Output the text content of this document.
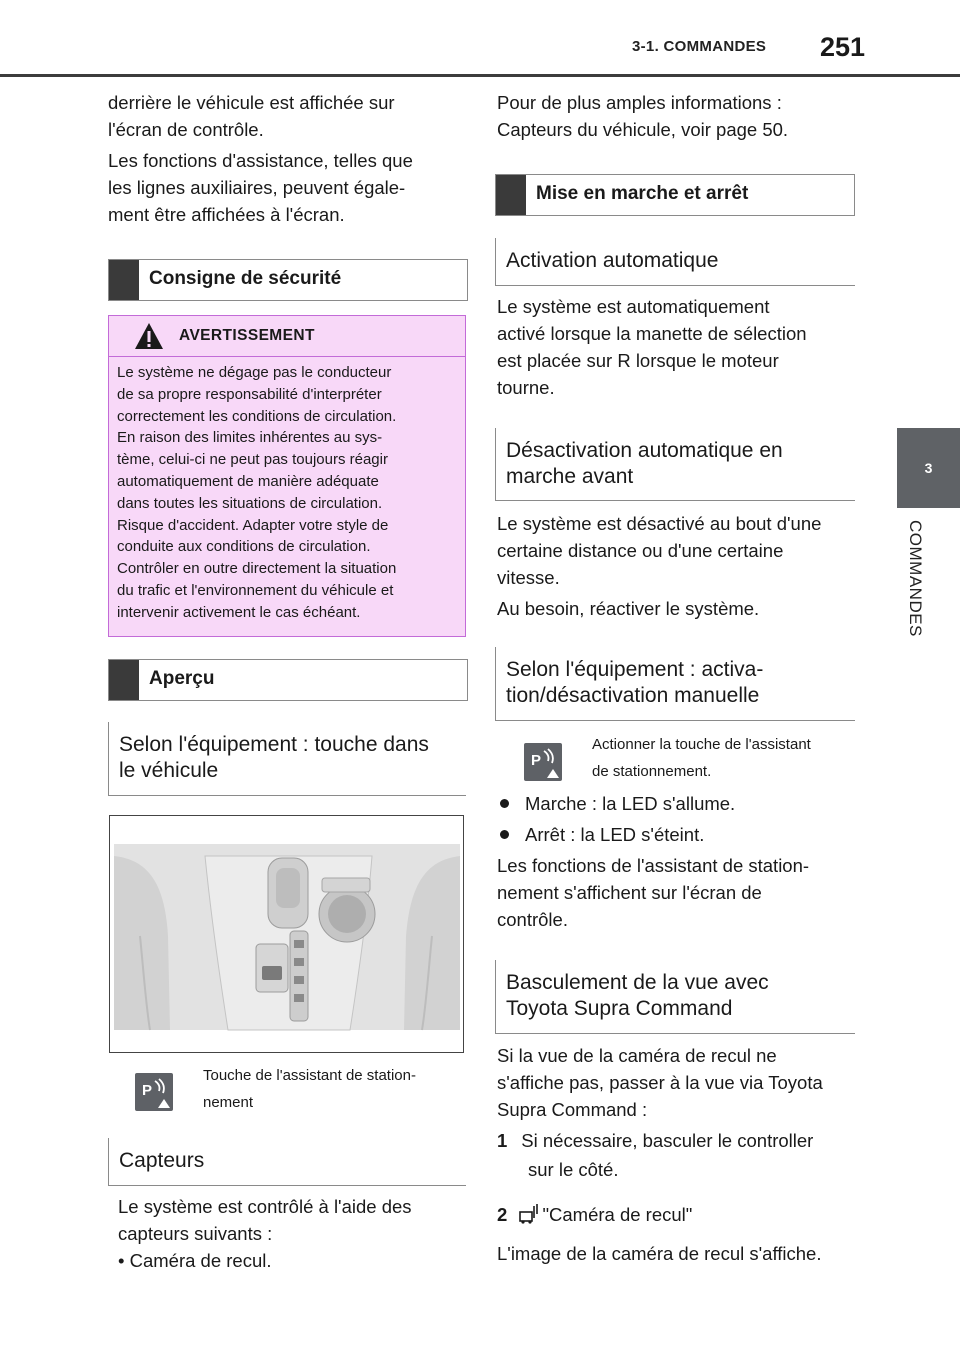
3-1. COMMANDES 251
3
COMMANDES

derrière le véhicule est affichée sur

l'écran de contrôle.

Les fonctions d'assistance, telles que

les lignes auxiliaires, peuvent égale-

ment être affichées à l'écran.

Consigne de sécurité
AVERTISSEMENT
Le système ne dégage pas le conducteur
de sa propre responsabilité d'interpréter
correctement les conditions de circulation.
En raison des limites inhérentes au sys-
tème, celui-ci ne peut pas toujours réagir
automatiquement de manière adéquate
dans toutes les situations de circulation.
Risque d'accident. Adapter votre style de
conduite aux conditions de circulation.
Contrôler en outre directement la situation
du trafic et l'environnement du véhicule et
intervenir activement le cas échéant.
Aperçu
Selon l'équipement : touche dans
le véhicule
P
Touche de l'assistant de station-
nement
Capteurs

Le système est contrôlé à l'aide des

capteurs suivants :

• Caméra de recul.

Pour de plus amples informations :

Capteurs du véhicule, voir page 50.

Mise en marche et arrêt
Activation automatique

Le système est automatiquement

activé lorsque la manette de sélection

est placée sur R lorsque le moteur

tourne.

Désactivation automatique en
marche avant

Le système est désactivé au bout d'une

certaine distance ou d'une certaine

vitesse.

Au besoin, réactiver le système.

Selon l'équipement : activa-
tion/désactivation manuelle
P
Actionner la touche de l'assistant
de stationnement.

Marche : la LED s'allume.

Arrêt : la LED s'éteint.

Les fonctions de l'assistant de station-

nement s'affichent sur l'écran de

contrôle.

Basculement de la vue avec
Toyota Supra Command

Si la vue de la caméra de recul ne

s'affiche pas, passer à la vue via Toyota

Supra Command :

1 Si nécessaire, basculer le controller

sur le côté.

2 "Caméra de recul"

L'image de la caméra de recul s'affiche.
